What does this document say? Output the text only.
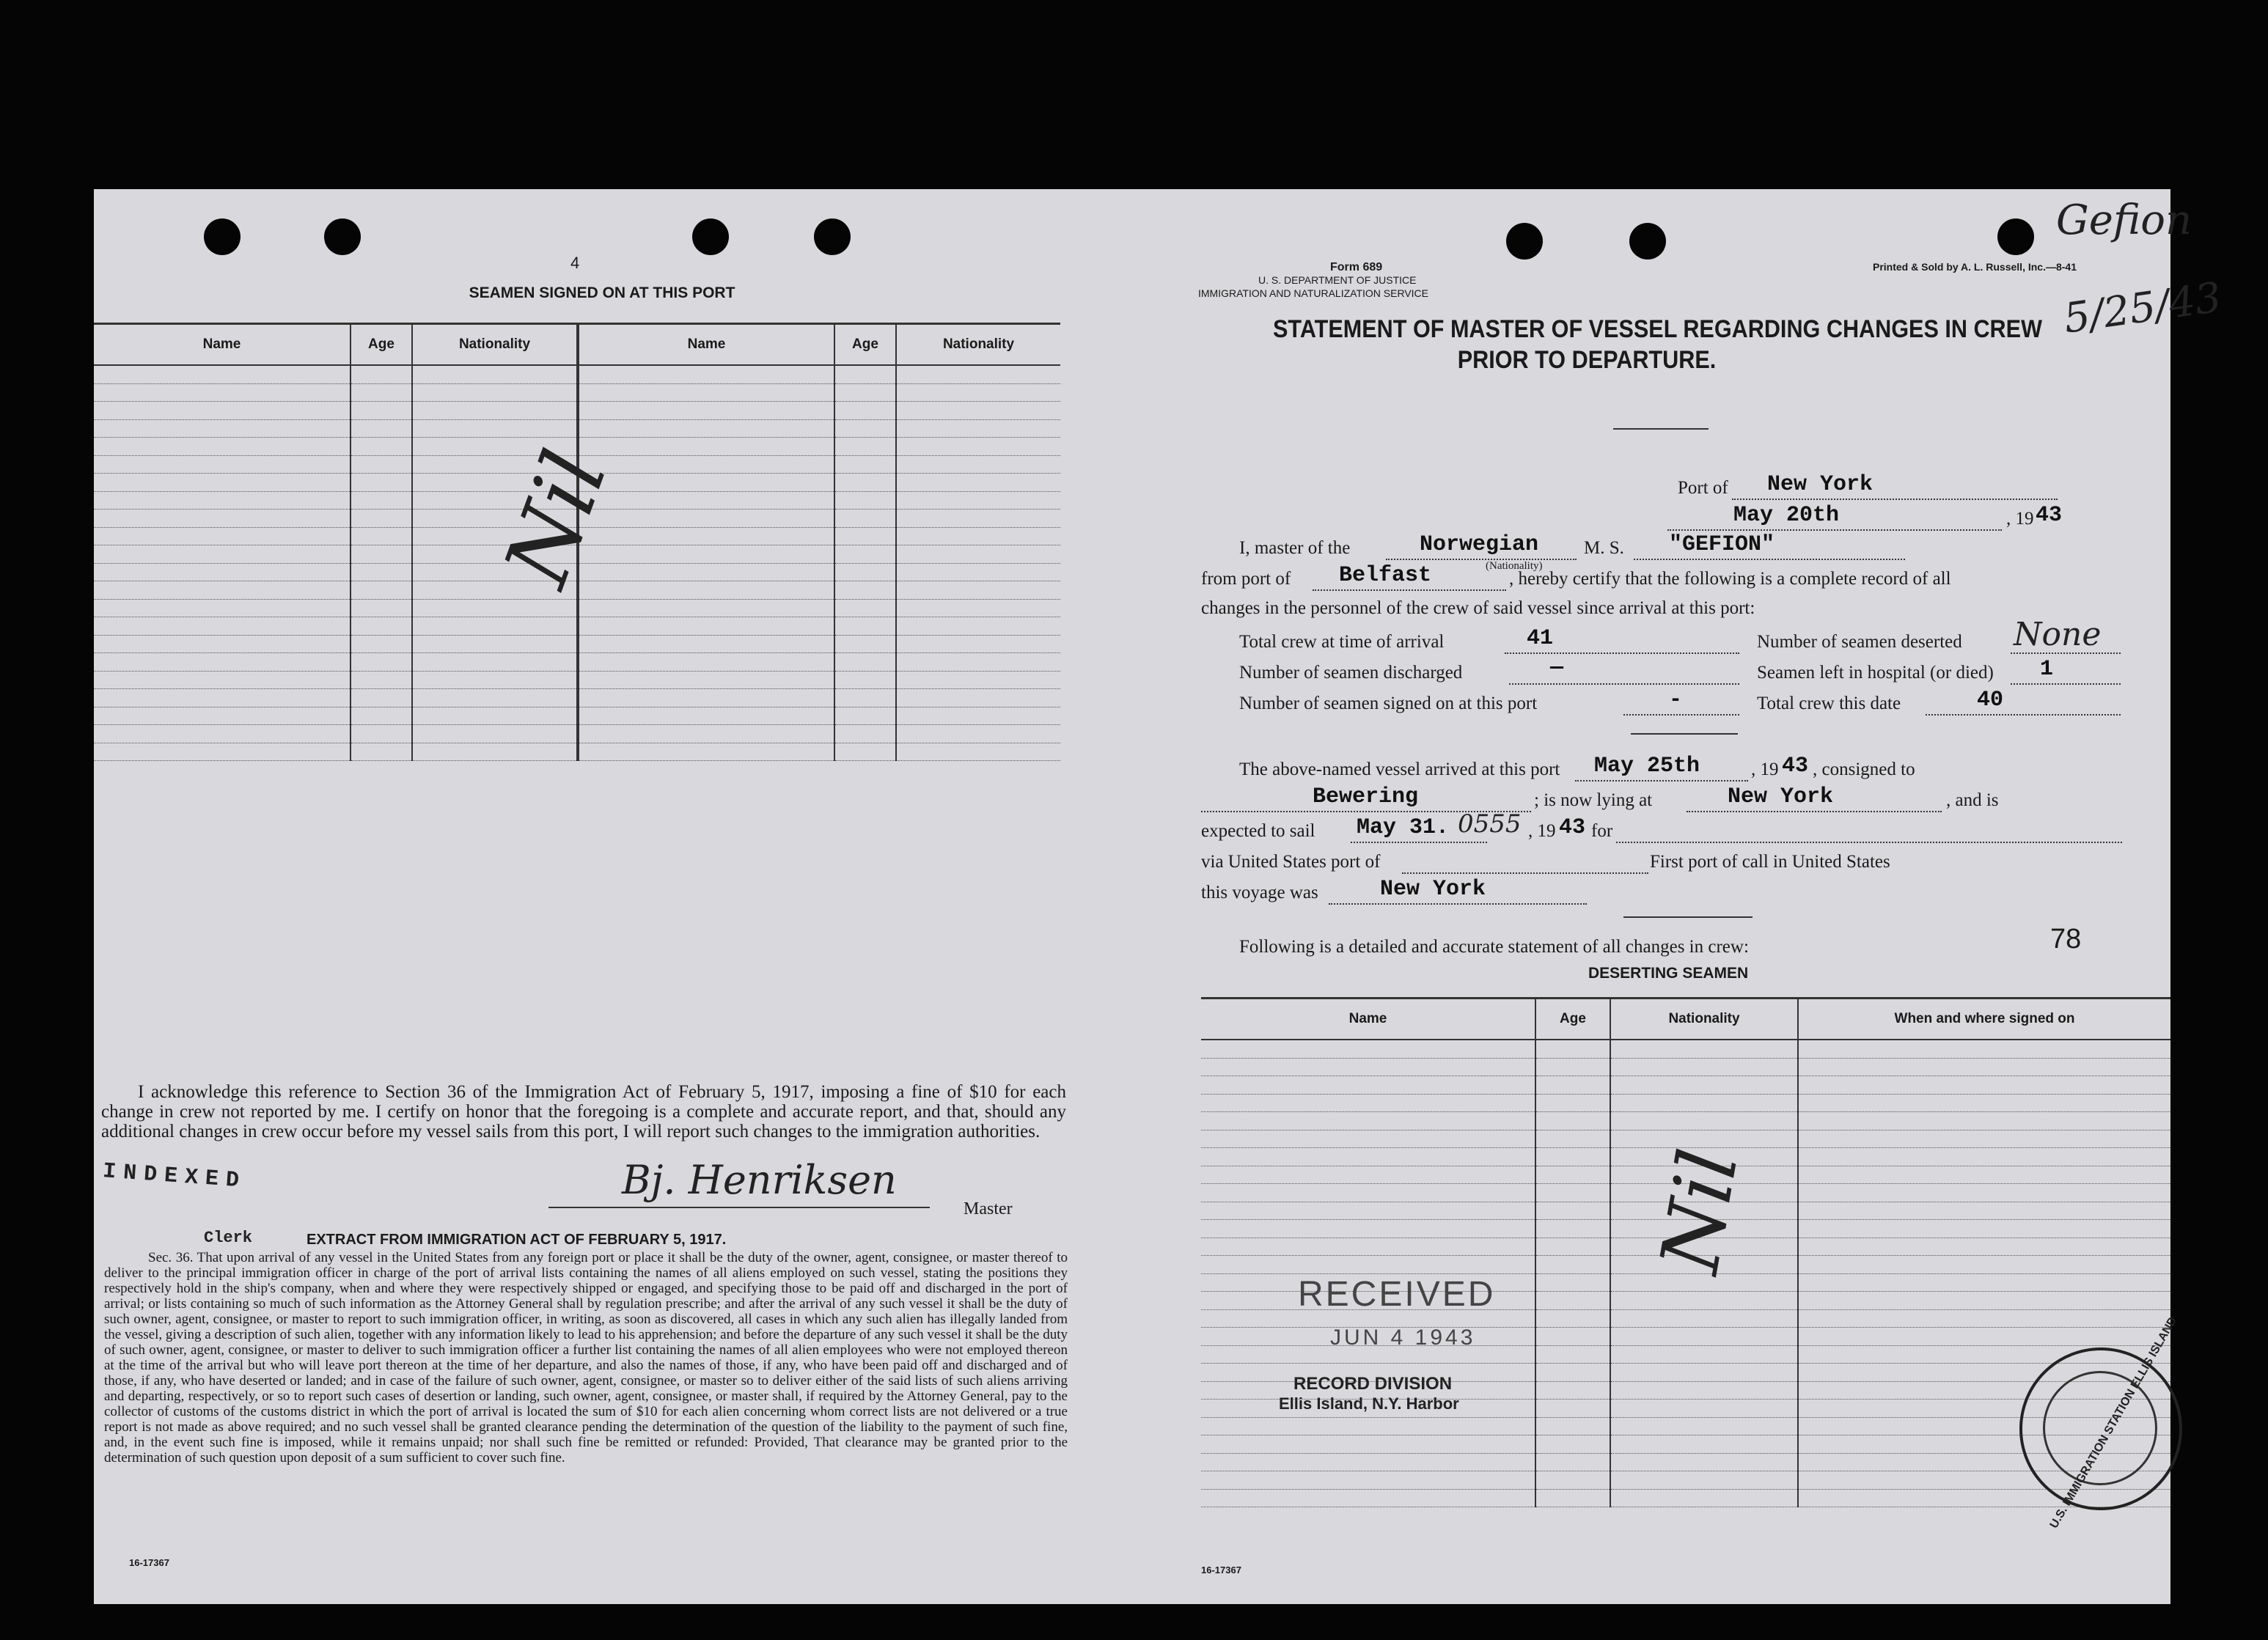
4
SEAMEN SIGNED ON AT THIS PORT
Name	Age	Nationality	Name	Age	Nationality

Nil
I acknowledge this reference to Section 36 of the Immigration Act of February 5, 1917, imposing a fine of $10 for each change in crew not reported by me. I certify on honor that the foregoing is a complete and accurate report, and that, should any additional changes in crew occur before my vessel sails from this port, I will report such changes to the immigration authorities.
Bj. Henriksen
Master
INDEXED
Clerk	EXTRACT FROM IMMIGRATION ACT OF FEBRUARY 5, 1917.
Sec. 36. That upon arrival of any vessel in the United States from any foreign port or place it shall be the duty of the owner, agent, consignee, or master thereof to deliver to the principal immigration officer in charge of the port of arrival lists containing the names of all aliens employed on such vessel, stating the positions they respectively hold in the ship's company, when and where they were respectively shipped or engaged, and specifying those to be paid off and discharged in the port of arrival; or lists containing so much of such information as the Attorney General shall by regulation prescribe; and after the arrival of any such vessel it shall be the duty of such owner, agent, consignee, or master to report to such immigration officer, in writing, as soon as discovered, all cases in which any such alien has illegally landed from the vessel, giving a description of such alien, together with any information likely to lead to his apprehension; and before the departure of any such vessel it shall be the duty of such owner, agent, consignee, or master to deliver to such immigration officer a further list containing the names of all alien employees who were not employed thereon at the time of the arrival but who will leave port thereon at the time of her departure, and also the names of those, if any, who have been paid off and discharged and of those, if any, who have deserted or landed; and in case of the failure of such owner, agent, consignee, or master so to deliver either of the said lists of such aliens arriving and departing, respectively, or so to report such cases of desertion or landing, such owner, agent, consignee, or master shall, if required by the Attorney General, pay to the collector of customs of the customs district in which the port of arrival is located the sum of $10 for each alien concerning whom correct lists are not delivered or a true report is not made as above required; and no such vessel shall be granted clearance pending the determination of the question of the liability to the payment of such fine, and, in the event such fine is imposed, while it remains unpaid; nor shall such fine be remitted or refunded: Provided, That clearance may be granted prior to the determination of such question upon deposit of a sum sufficient to cover such fine.
16-17367
Form 689
U. S. DEPARTMENT OF JUSTICE
IMMIGRATION AND NATURALIZATION SERVICE
Printed & Sold by A. L. Russell, Inc.—8-41
Gefion
5/25/43
STATEMENT OF MASTER OF VESSEL REGARDING CHANGES IN CREW
PRIOR TO DEPARTURE.
Port of New York
May 20th	, 19 43
I, master of the	Norwegian
(Nationality)
M. S. "GEFION"
from port of Belfast	, hereby certify that the following is a complete record of all
changes in the personnel of the crew of said vessel since arrival at this port:
Total crew at time of arrival	41	Number of seamen deserted None
Number of seamen discharged	—	Seamen left in hospital (or died) 1
Number of seamen signed on at this port	-	Total crew this date	40
The above-named vessel arrived at this port May 25th	, 19 43 , consigned to
Bewering	; is now lying at	New York	, and is
expected to sail May 31. 0555 , 19 43 for
via United States port of	First port of call in United States
this voyage was	New York
Following is a detailed and accurate statement of all changes in crew:	78
DESERTING SEAMEN
Name	Age	Nationality	When and where signed on

Nil
RECEIVED
JUN 4 1943
RECORD DIVISION
Ellis Island, N.Y. Harbor	U.S. IMMIGRATION STATION ELLIS ISLAND
16-17367
